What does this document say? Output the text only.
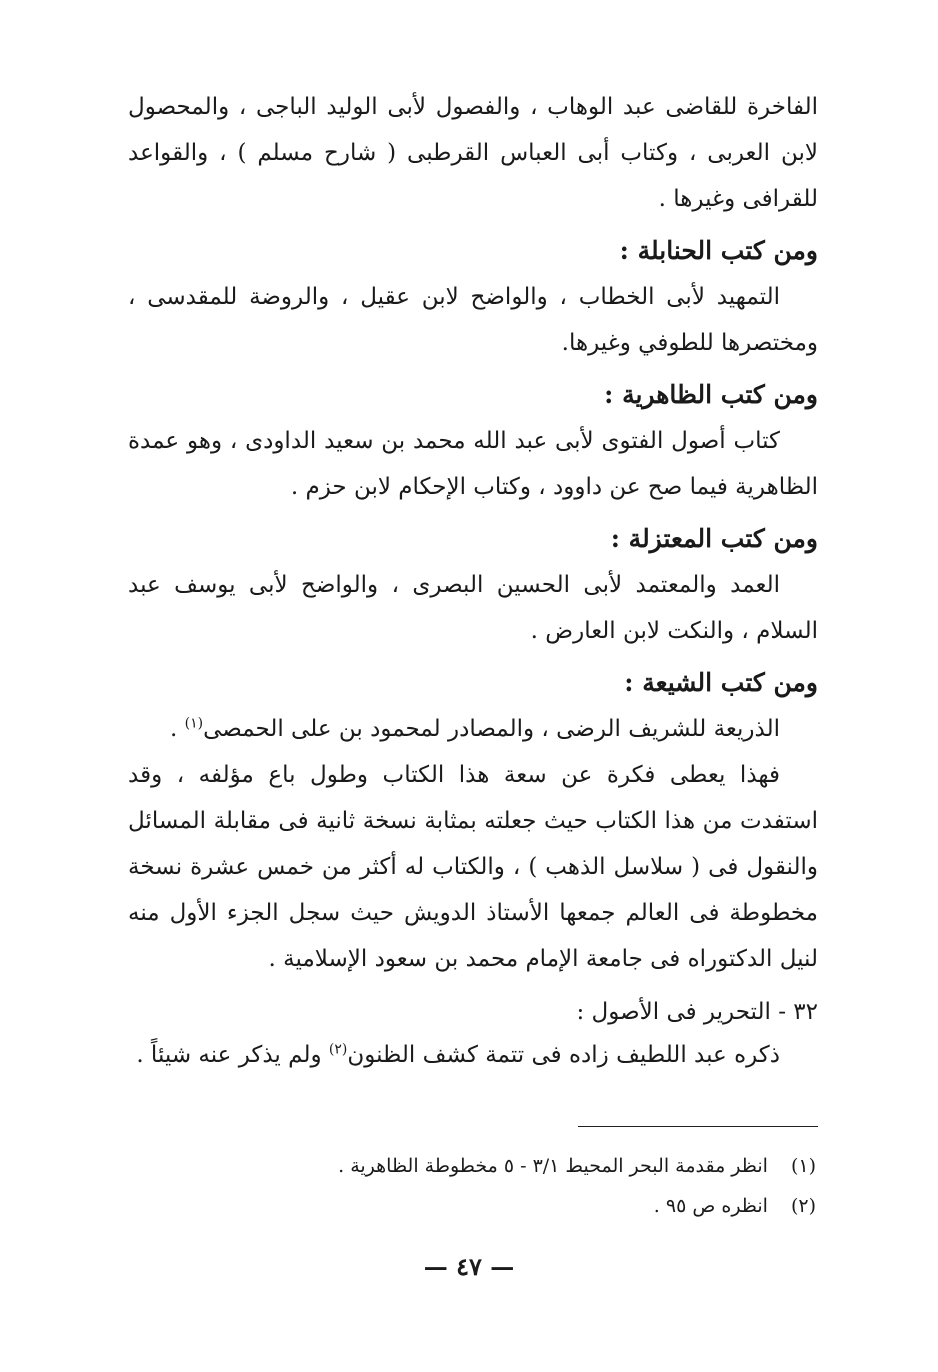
الفاخرة للقاضى عبد الوهاب ، والفصول لأبى الوليد الباجى ، والمحصول لابن العربى ، وكتاب أبى العباس القرطبى ( شارح مسلم ) ، والقواعد للقرافى وغيرها .

ومن كتب الحنابلة :

التمهيد لأبى الخطاب ، والواضح لابن عقيل ، والروضة للمقدسى ، ومختصرها للطوفي وغيرها.

ومن كتب الظاهرية :

كتاب أصول الفتوى لأبى عبد الله محمد بن سعيد الداودى ، وهو عمدة الظاهرية فيما صح عن داوود ، وكتاب الإحكام لابن حزم .

ومن كتب المعتزلة :

العمد والمعتمد لأبى الحسين البصرى ، والواضح لأبى يوسف عبد السلام ، والنكت لابن العارض .

ومن كتب الشيعة :

الذريعة للشريف الرضى ، والمصادر لمحمود بن على الحمصى$^{(١)}$ .

فهذا يعطى فكرة عن سعة هذا الكتاب وطول باع مؤلفه ، وقد استفدت من هذا الكتاب حيث جعلته بمثابة نسخة ثانية فى مقابلة المسائل والنقول فى ( سلاسل الذهب ) ، والكتاب له أكثر من خمس عشرة نسخة مخطوطة فى العالم جمعها الأستاذ الدويش حيث سجل الجزء الأول منه لنيل الدكتوراه فى جامعة الإمام محمد بن سعود الإسلامية .

٣٢ - التحرير فى الأصول :

ذكره عبد اللطيف زاده فى تتمة كشف الظنون$^{(٢)}$ ولم يذكر عنه شيئاً .

(١) انظر مقدمة البحر المحيط ٣/١ - ٥ مخطوطة الظاهرية .
(٢) انظره ص ٩٥ .
— ٤٧ —
